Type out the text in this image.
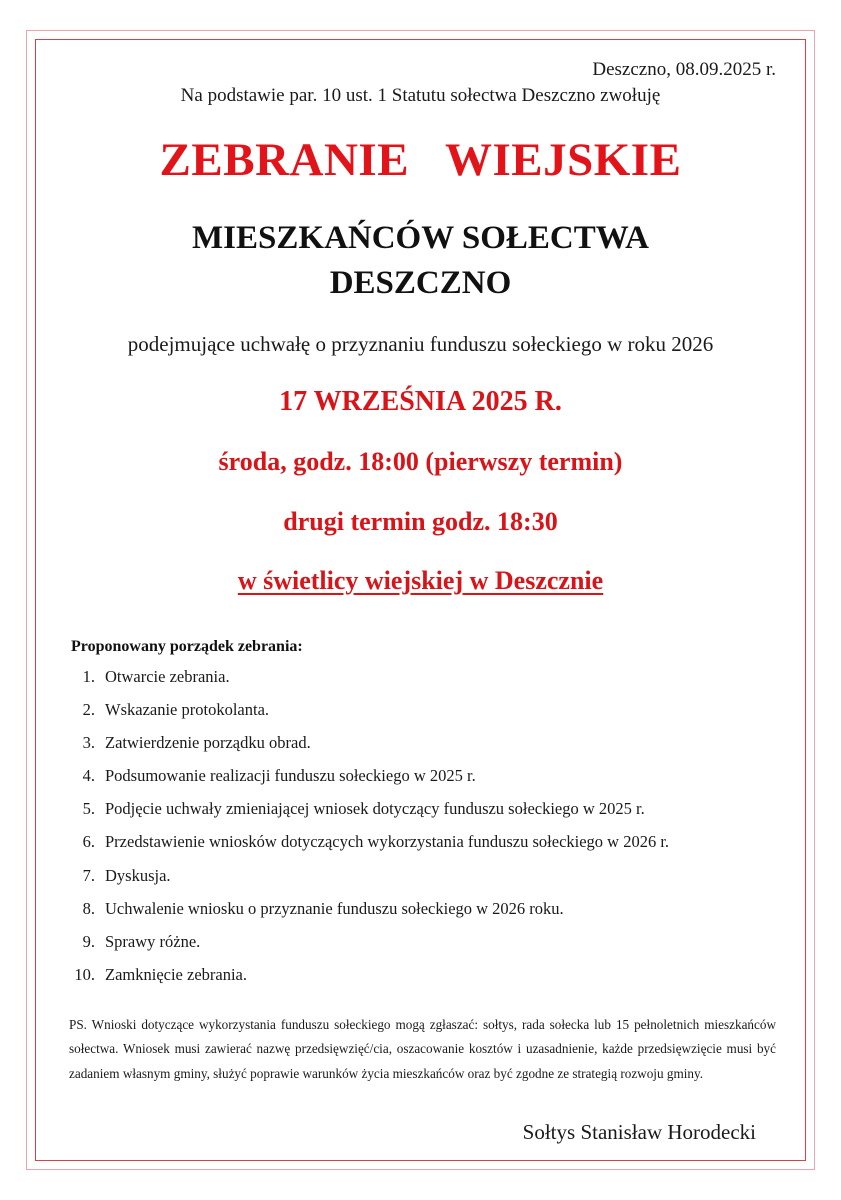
Deszczno, 08.09.2025 r.
Na podstawie par. 10 ust. 1 Statutu sołectwa Deszczno zwołuję
ZEBRANIE   WIEJSKIE
MIESZKAŃCÓW SOŁECTWA
DESZCZNO
podejmujące uchwałę o przyznaniu funduszu sołeckiego w roku 2026
17 WRZEŚNIA 2025 R.
środa, godz. 18:00 (pierwszy termin)
drugi termin godz. 18:30
w świetlicy wiejskiej w Deszcznie
Proponowany porządek zebrania:
1. Otwarcie zebrania.
2. Wskazanie protokolanta.
3. Zatwierdzenie porządku obrad.
4. Podsumowanie realizacji funduszu sołeckiego w 2025 r.
5. Podjęcie uchwały zmieniającej wniosek dotyczący funduszu sołeckiego w 2025 r.
6. Przedstawienie wniosków dotyczących wykorzystania funduszu sołeckiego w 2026 r.
7. Dyskusja.
8. Uchwalenie wniosku o przyznanie funduszu sołeckiego w 2026 roku.
9. Sprawy różne.
10. Zamknięcie zebrania.
PS. Wnioski dotyczące wykorzystania funduszu sołeckiego mogą zgłaszać: sołtys, rada sołecka lub 15 pełnoletnich mieszkańców sołectwa. Wniosek musi zawierać nazwę przedsięwzięć/cia, oszacowanie kosztów i uzasadnienie, każde przedsięwzięcie musi być zadaniem własnym gminy, służyć poprawie warunków życia mieszkańców oraz być zgodne ze strategią rozwoju gminy.
Sołtys Stanisław Horodecki
